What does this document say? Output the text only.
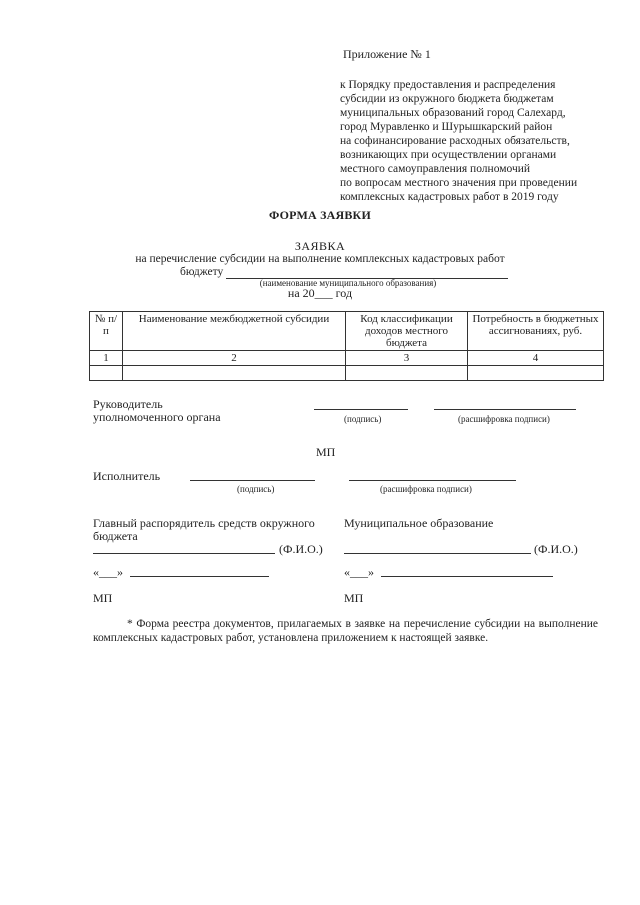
Приложение № 1
к Порядку предоставления и распределения
субсидии из окружного бюджета бюджетам
муниципальных образований город Салехард,
город Муравленко и Шурышкарский район
на софинансирование расходных обязательств,
возникающих при осуществлении органами
местного самоуправления полномочий
по вопросам местного значения при проведении
комплексных кадастровых работ в 2019 году
ФОРМА ЗАЯВКИ
ЗАЯВКА
на перечисление субсидии на выполнение комплексных кадастровых работ
бюджету
(наименование муниципального образования)
на 20___ год
№ п/п	Наименование межбюджетной субсидии	Код классификации доходов местного бюджета	Потребность в бюджетных ассигнованиях, руб.
1	2	3	4

Руководитель
уполномоченного органа	(подпись)	(расшифровка подписи)
МП
Исполнитель
(подпись)	(расшифровка подписи)
Главный распорядитель средств окружного
бюджета
Муниципальное образование
(Ф.И.О.)	(Ф.И.О.)
«___»	«___»
МП	МП
* Форма реестра документов, прилагаемых в заявке на перечисление субсидии на выполнение комплексных кадастровых работ, установлена приложением к настоящей заявке.
